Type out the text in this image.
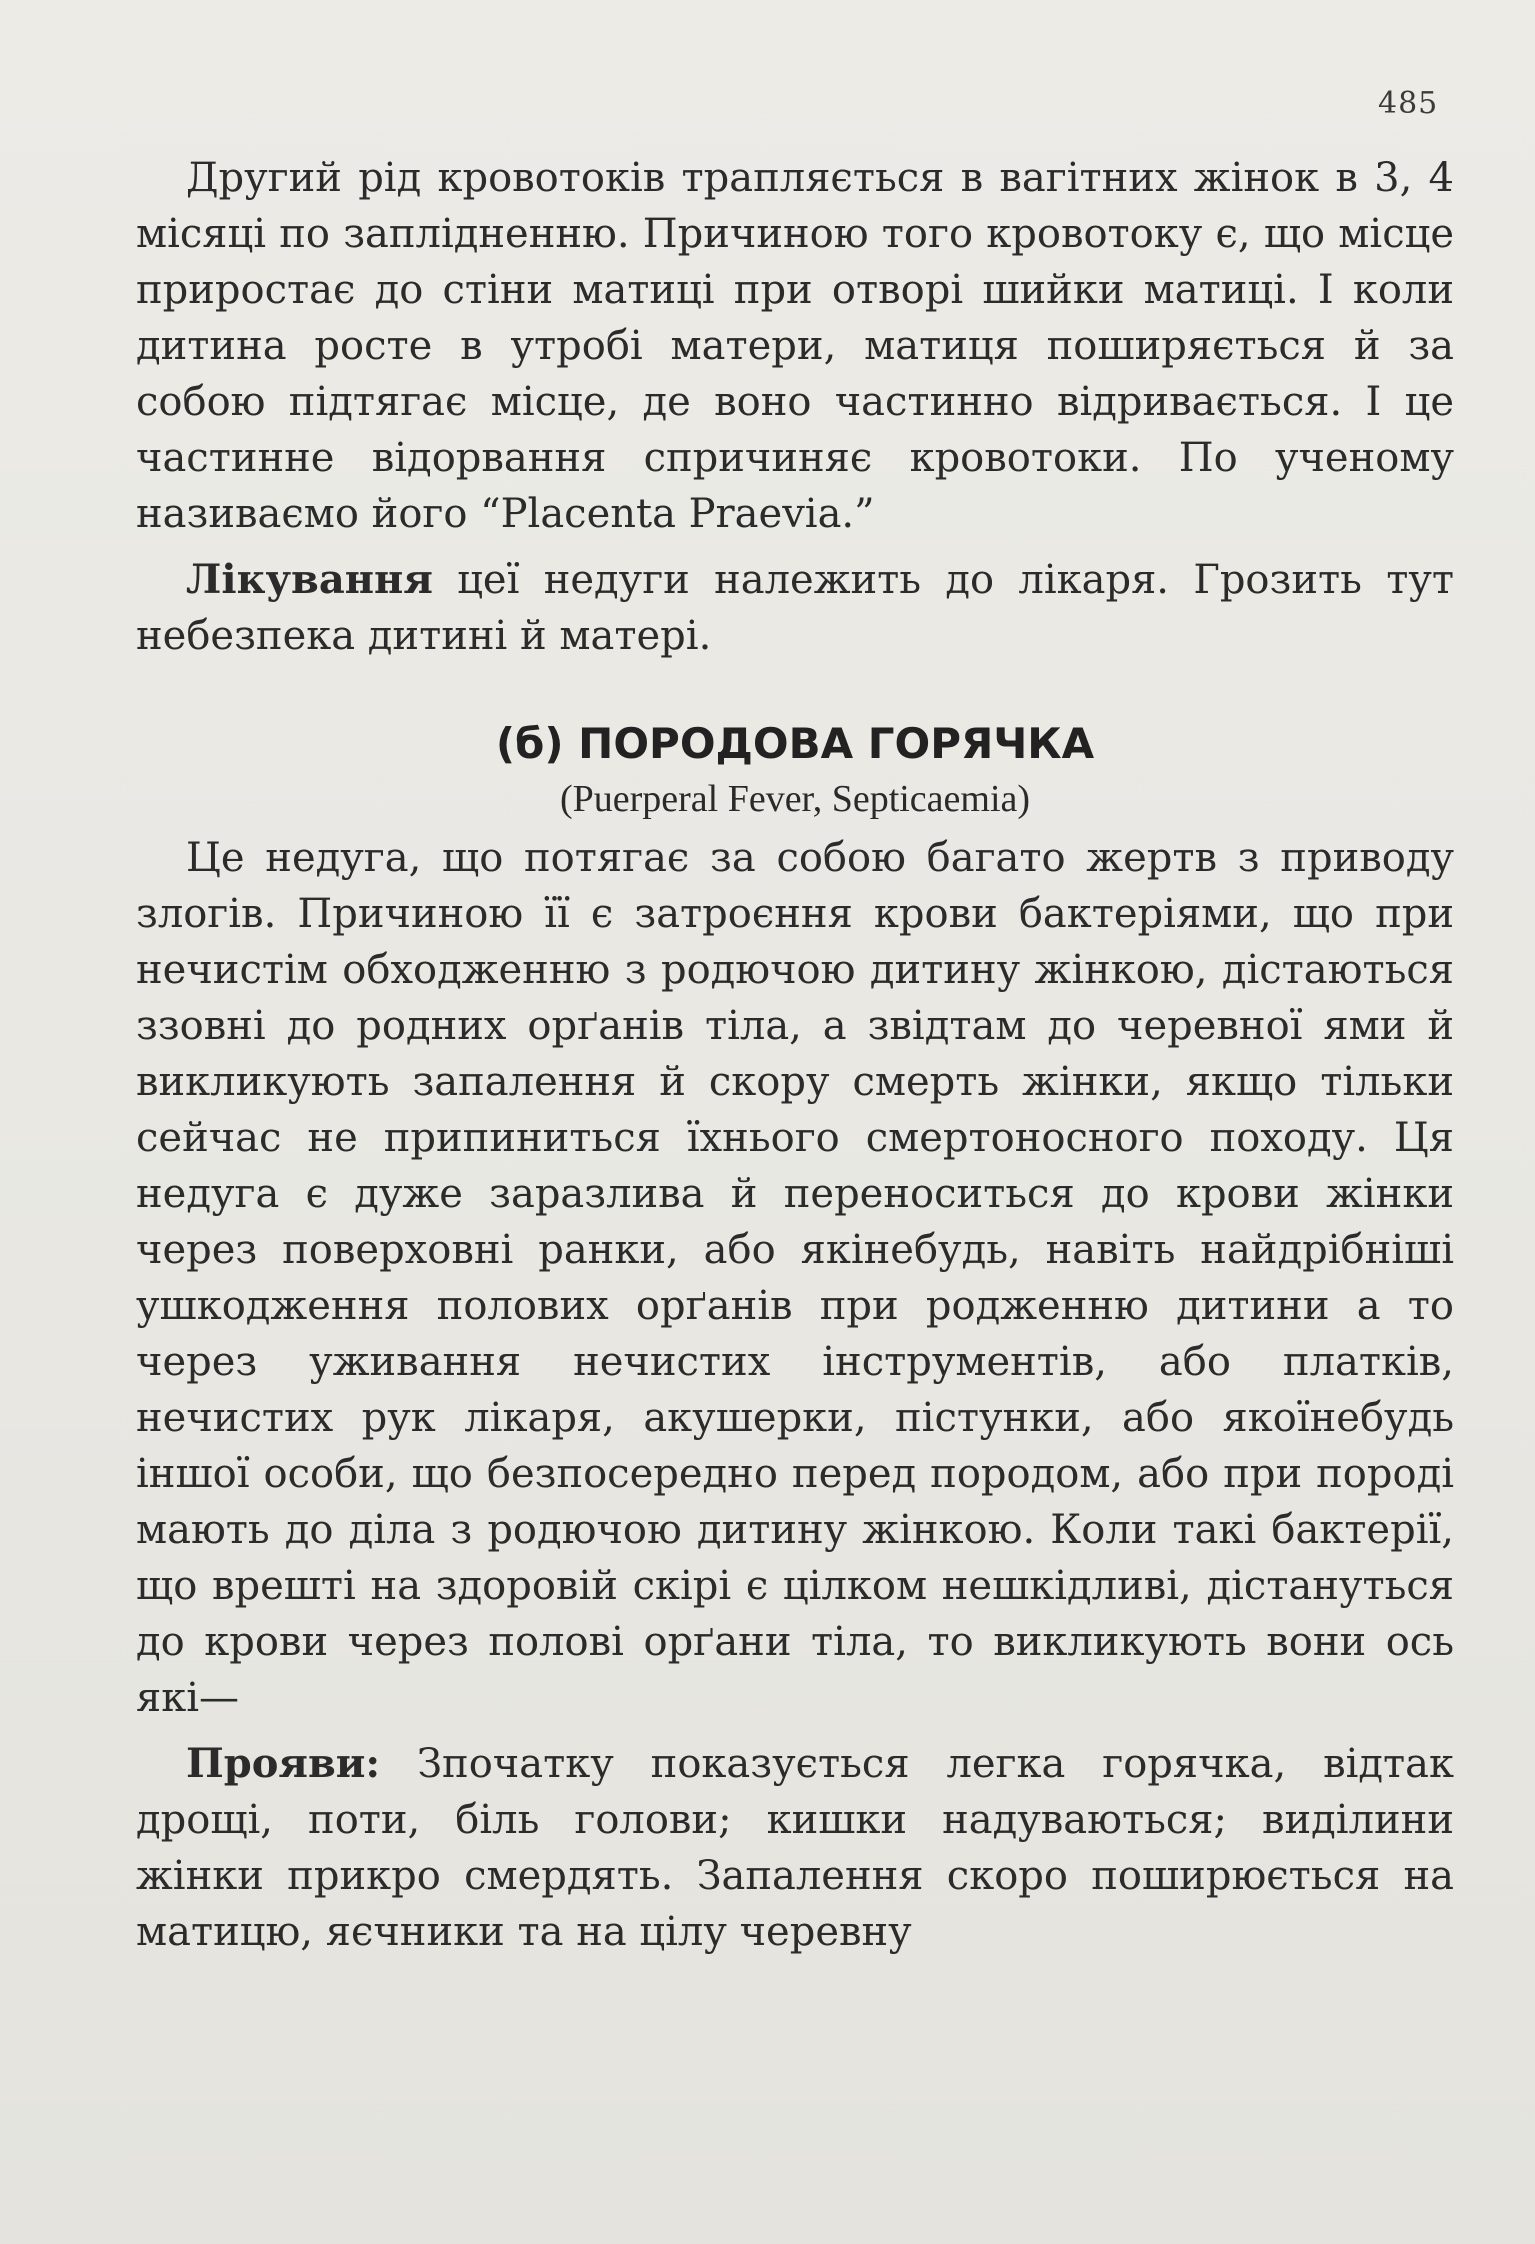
485

Другий рід кровотоків трапляється в вагітних жінок в 3, 4 місяці по заплідненню. Причиною того кровотоку є, що місце приростає до стіни матиці при отворі шийки матиці. І коли дитина росте в утробі матери, матиця поширяється й за собою підтягає місце, де воно частинно відривається. І це частинне відорвання спричиняє кровотоки. По ученому називаємо його “Placenta Praevia.”

Лікування цеї недуги належить до лікаря. Грозить тут небезпека дитині й матері.

(б) ПОРОДОВА ГОРЯЧКА
(Puerperal Fever, Septicaemia)

Це недуга, що потягає за собою багато жертв з приводу злогів. Причиною її є затроєння крови бактеріями, що при нечистім обходженню з родючою дитину жінкою, дістаються ззовні до родних орґанів тіла, а звідтам до черевної ями й викликують запалення й скору смерть жінки, якщо тільки сейчас не припиниться їхнього смертоносного походу. Ця недуга є дуже заразлива й переноситься до крови жінки через поверховні ранки, або якінебудь, навіть найдрібніші ушкодження полових орґанів при родженню дитини а то через уживання нечистих інструментів, або платків, нечистих рук лікаря, акушерки, пістунки, або якоїнебудь іншої особи, що безпосередно перед породом, або при породі мають до діла з родючою дитину жінкою. Коли такі бактерії, що врешті на здоровій скірі є цілком нешкідливі, дістануться до крови через полові орґани тіла, то викликують вони ось які—

Прояви: Зпочатку показується легка горячка, відтак дрощі, поти, біль голови; кишки надуваються; виділини жінки прикро смердять. Запалення скоро поширюється на матицю, яєчники та на цілу черевну
